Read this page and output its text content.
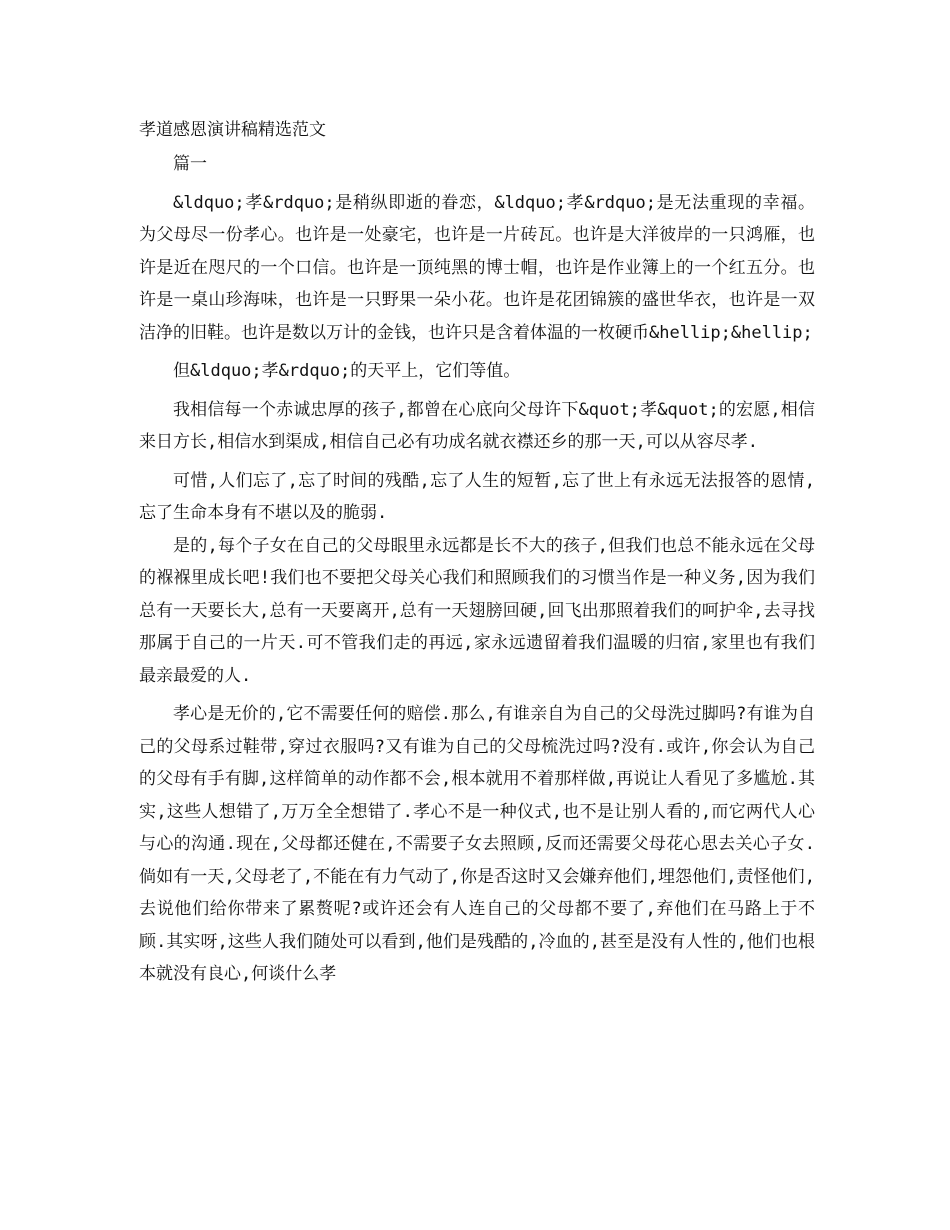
孝道感恩演讲稿精选范文

篇一

&ldquo;孝&rdquo;是稍纵即逝的眷恋，&ldquo;孝&rdquo;是无法重现的幸福。为父母尽一份孝心。也许是一处豪宅，也许是一片砖瓦。也许是大洋彼岸的一只鸿雁，也许是近在咫尺的一个口信。也许是一顶纯黑的博士帽，也许是作业簿上的一个红五分。也许是一桌山珍海味，也许是一只野果一朵小花。也许是花团锦簇的盛世华衣，也许是一双洁净的旧鞋。也许是数以万计的金钱，也许只是含着体温的一枚硬币&hellip;&hellip;

但&ldquo;孝&rdquo;的天平上，它们等值。

我相信每一个赤诚忠厚的孩子,都曾在心底向父母许下&quot;孝&quot;的宏愿,相信来日方长,相信水到渠成,相信自己必有功成名就衣襟还乡的那一天,可以从容尽孝.

可惜,人们忘了,忘了时间的残酷,忘了人生的短暂,忘了世上有永远无法报答的恩情,忘了生命本身有不堪以及的脆弱.

是的,每个子女在自己的父母眼里永远都是长不大的孩子,但我们也总不能永远在父母的褓褓里成长吧!我们也不要把父母关心我们和照顾我们的习惯当作是一种义务,因为我们总有一天要长大,总有一天要离开,总有一天翅膀回硬,回飞出那照着我们的呵护伞,去寻找那属于自己的一片天.可不管我们走的再远,家永远遗留着我们温暖的归宿,家里也有我们最亲最爱的人.

孝心是无价的,它不需要任何的赔偿.那么,有谁亲自为自己的父母洗过脚吗?有谁为自己的父母系过鞋带,穿过衣服吗?又有谁为自己的父母梳洗过吗?没有.或许,你会认为自己的父母有手有脚,这样简单的动作都不会,根本就用不着那样做,再说让人看见了多尴尬.其实,这些人想错了,万万全全想错了.孝心不是一种仪式,也不是让别人看的,而它两代人心与心的沟通.现在,父母都还健在,不需要子女去照顾,反而还需要父母花心思去关心子女.倘如有一天,父母老了,不能在有力气动了,你是否这时又会嫌弃他们,埋怨他们,责怪他们,去说他们给你带来了累赘呢?或许还会有人连自己的父母都不要了,弃他们在马路上于不顾.其实呀,这些人我们随处可以看到,他们是残酷的,冷血的,甚至是没有人性的,他们也根本就没有良心,何谈什么孝
